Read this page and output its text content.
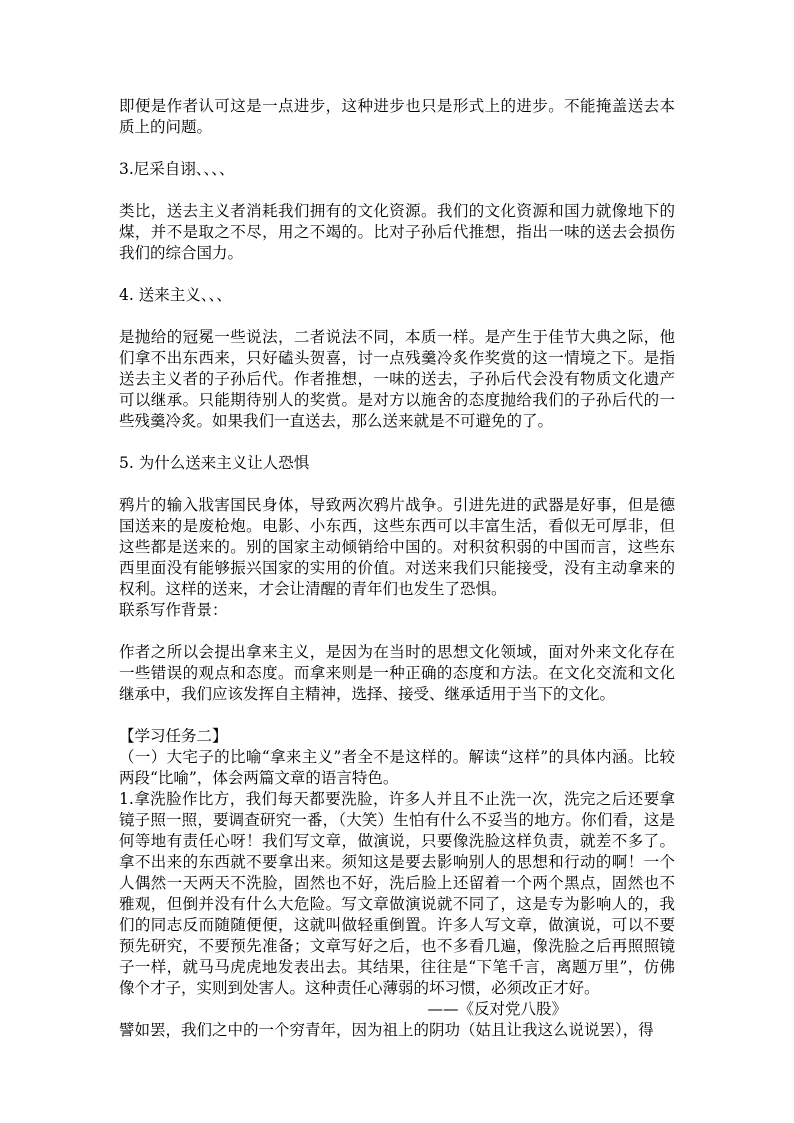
即便是作者认可这是一点进步，这种进步也只是形式上的进步。不能掩盖送去本质上的问题。

3.尼采自诩、、、、

类比，送去主义者消耗我们拥有的文化资源。我们的文化资源和国力就像地下的煤，并不是取之不尽，用之不竭的。比对子孙后代推想，指出一味的送去会损伤我们的综合国力。

4. 送来主义、、、

是抛给的冠冕一些说法，二者说法不同，本质一样。是产生于佳节大典之际，他们拿不出东西来，只好磕头贺喜，讨一点残羹冷炙作奖赏的这一情境之下。是指送去主义者的子孙后代。作者推想，一味的送去，子孙后代会没有物质文化遗产可以继承。只能期待别人的奖赏。是对方以施舍的态度抛给我们的子孙后代的一些残羹冷炙。如果我们一直送去，那么送来就是不可避免的了。

5. 为什么送来主义让人恐惧

鸦片的输入戕害国民身体，导致两次鸦片战争。引进先进的武器是好事，但是德国送来的是废枪炮。电影、小东西，这些东西可以丰富生活，看似无可厚非，但这些都是送来的。别的国家主动倾销给中国的。对积贫积弱的中国而言，这些东西里面没有能够振兴国家的实用的价值。对送来我们只能接受，没有主动拿来的权利。这样的送来，才会让清醒的青年们也发生了恐惧。

联系写作背景：

作者之所以会提出拿来主义，是因为在当时的思想文化领域，面对外来文化存在一些错误的观点和态度。而拿来则是一种正确的态度和方法。在文化交流和文化继承中，我们应该发挥自主精神，选择、接受、继承适用于当下的文化。

【学习任务二】

（一）大宅子的比喻“拿来主义”者全不是这样的。解读“这样”的具体内涵。比较两段“比喻”，体会两篇文章的语言特色。

1.拿洗脸作比方，我们每天都要洗脸，许多人并且不止洗一次，洗完之后还要拿镜子照一照，要调查研究一番，（大笑）生怕有什么不妥当的地方。你们看，这是何等地有责任心呀！我们写文章，做演说，只要像洗脸这样负责，就差不多了。拿不出来的东西就不要拿出来。须知这是要去影响别人的思想和行动的啊！一个人偶然一天两天不洗脸，固然也不好，洗后脸上还留着一个两个黑点，固然也不雅观，但倒并没有什么大危险。写文章做演说就不同了，这是专为影响人的，我们的同志反而随随便便，这就叫做轻重倒置。许多人写文章，做演说，可以不要预先研究，不要预先准备；文章写好之后，也不多看几遍，像洗脸之后再照照镜子一样，就马马虎虎地发表出去。其结果，往往是“下笔千言，离题万里”，仿佛像个才子，实则到处害人。这种责任心薄弱的坏习惯，必须改正才好。

——《反对党八股》

譬如罢，我们之中的一个穷青年，因为祖上的阴功（姑且让我这么说说罢），得
